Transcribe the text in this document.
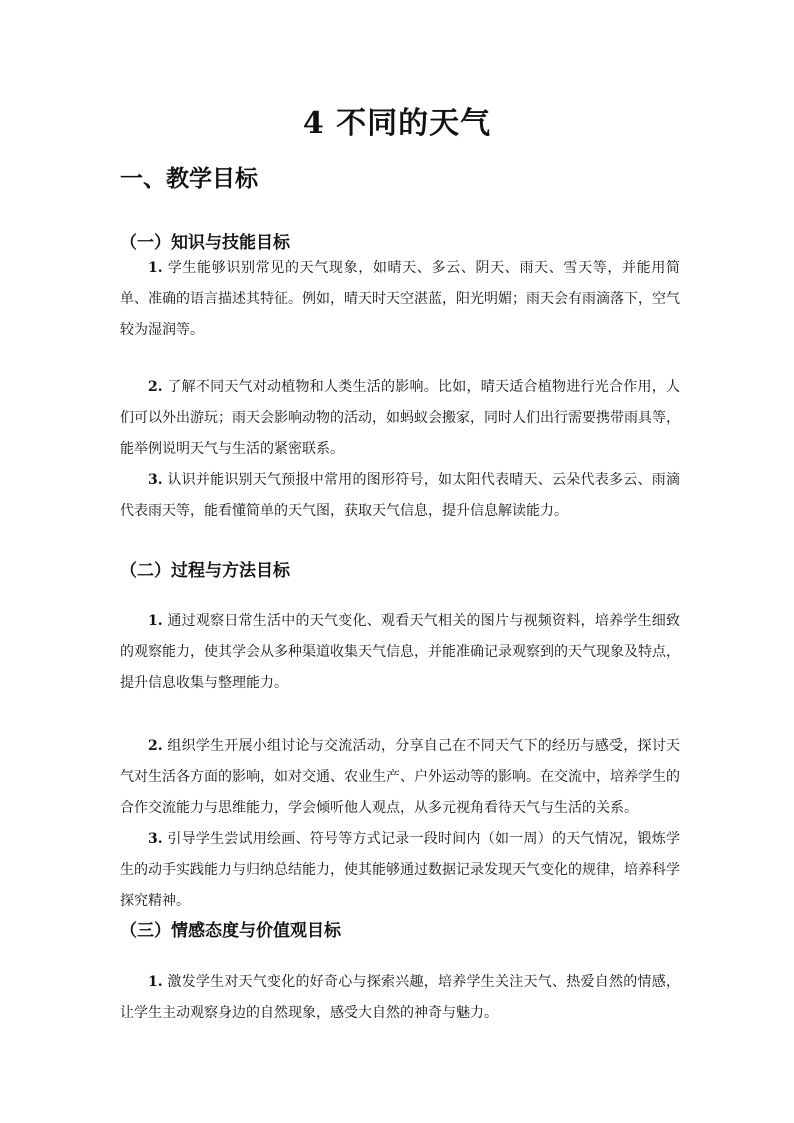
4 不同的天气
一、教学目标
（一）知识与技能目标
1. 学生能够识别常见的天气现象，如晴天、多云、阴天、雨天、雪天等，并能用简单、准确的语言描述其特征。例如，晴天时天空湛蓝，阳光明媚；雨天会有雨滴落下，空气较为湿润等。
2. 了解不同天气对动植物和人类生活的影响。比如，晴天适合植物进行光合作用，人们可以外出游玩；雨天会影响动物的活动，如蚂蚁会搬家，同时人们出行需要携带雨具等，能举例说明天气与生活的紧密联系。
3. 认识并能识别天气预报中常用的图形符号，如太阳代表晴天、云朵代表多云、雨滴代表雨天等，能看懂简单的天气图，获取天气信息，提升信息解读能力。
（二）过程与方法目标
1. 通过观察日常生活中的天气变化、观看天气相关的图片与视频资料，培养学生细致的观察能力，使其学会从多种渠道收集天气信息，并能准确记录观察到的天气现象及特点，提升信息收集与整理能力。
2. 组织学生开展小组讨论与交流活动，分享自己在不同天气下的经历与感受，探讨天气对生活各方面的影响，如对交通、农业生产、户外运动等的影响。在交流中，培养学生的合作交流能力与思维能力，学会倾听他人观点，从多元视角看待天气与生活的关系。
3. 引导学生尝试用绘画、符号等方式记录一段时间内（如一周）的天气情况，锻炼学生的动手实践能力与归纳总结能力，使其能够通过数据记录发现天气变化的规律，培养科学探究精神。
（三）情感态度与价值观目标
1. 激发学生对天气变化的好奇心与探索兴趣，培养学生关注天气、热爱自然的情感，让学生主动观察身边的自然现象，感受大自然的神奇与魅力。
